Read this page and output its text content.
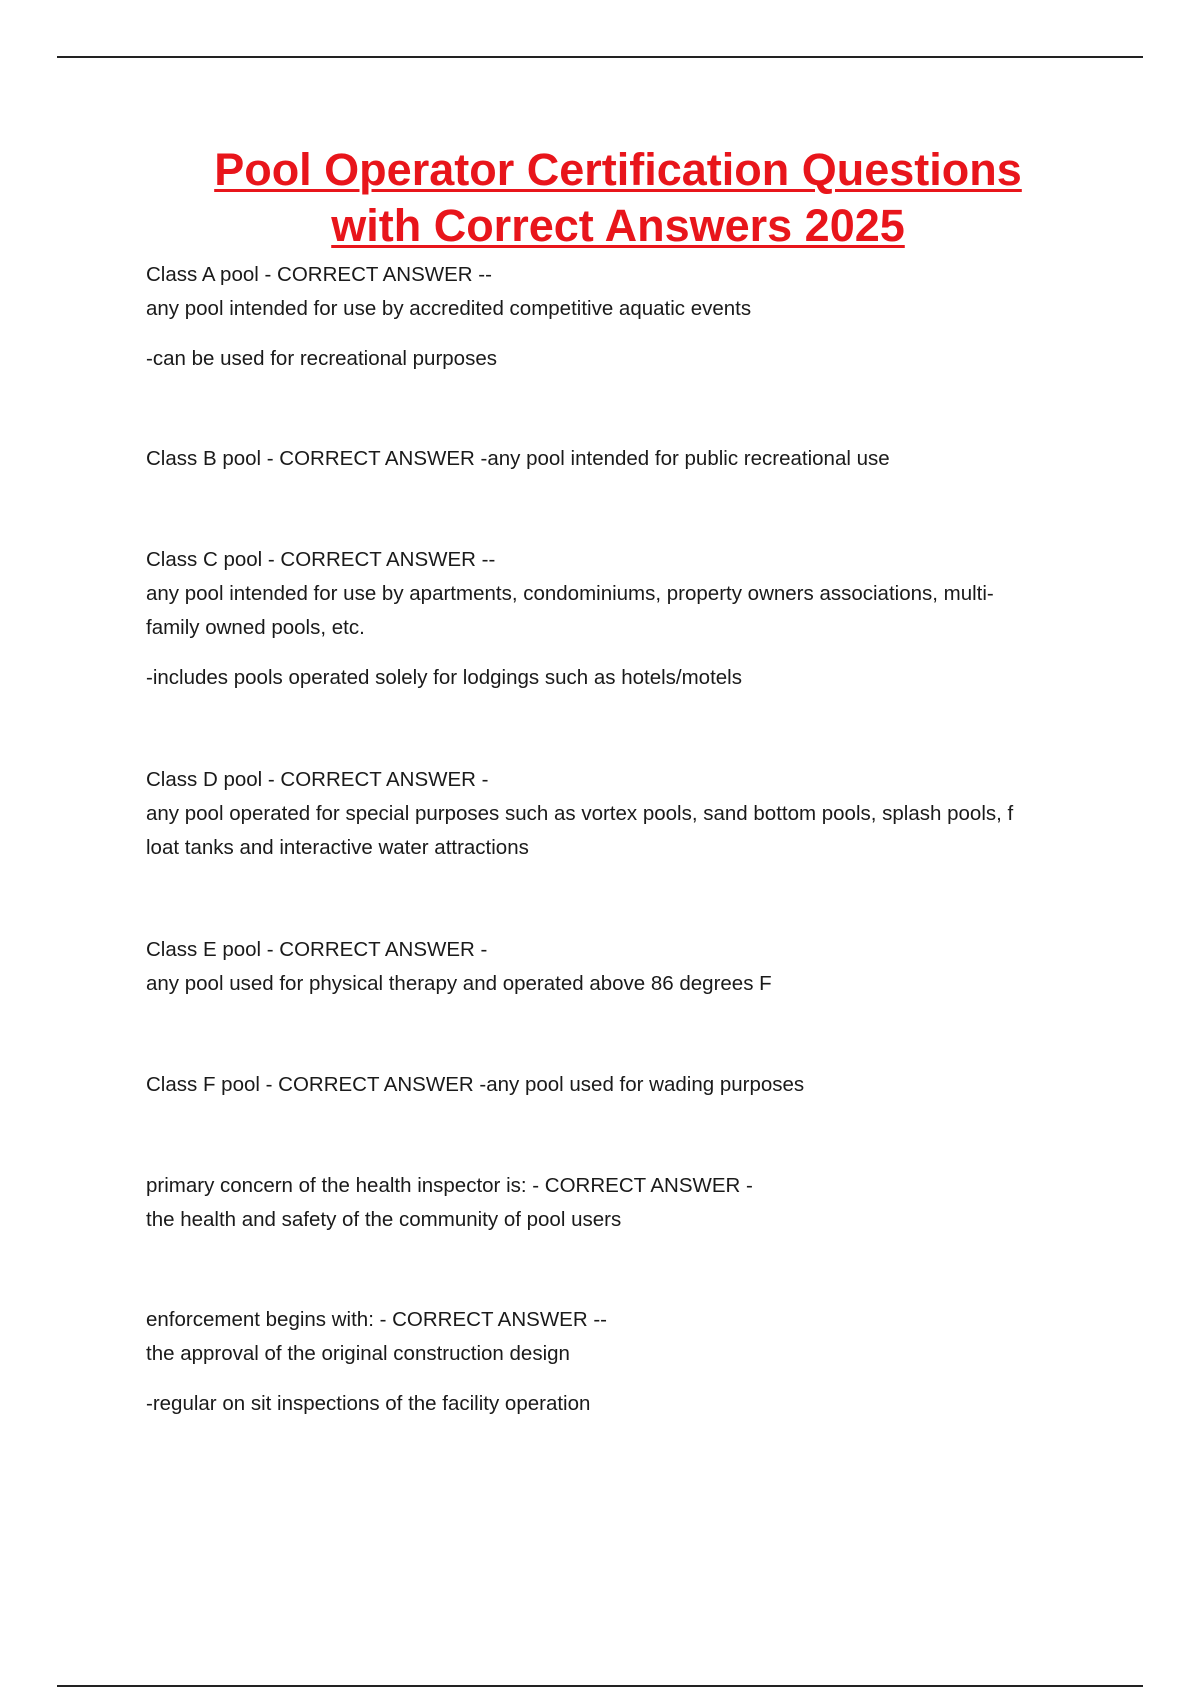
Pool Operator Certification Questions
with Correct Answers 2025

Class A pool - CORRECT ANSWER --

any pool intended for use by accredited competitive aquatic events

-can be used for recreational purposes

Class B pool - CORRECT ANSWER -any pool intended for public recreational use

Class C pool - CORRECT ANSWER --

any pool intended for use by apartments, condominiums, property owners associations, multi-

family owned pools, etc.

-includes pools operated solely for lodgings such as hotels/motels

Class D pool - CORRECT ANSWER -

any pool operated for special purposes such as vortex pools, sand bottom pools, splash pools, f

loat tanks and interactive water attractions

Class E pool - CORRECT ANSWER -

any pool used for physical therapy and operated above 86 degrees F

Class F pool - CORRECT ANSWER -any pool used for wading purposes

primary concern of the health inspector is: - CORRECT ANSWER -

the health and safety of the community of pool users

enforcement begins with: - CORRECT ANSWER --

the approval of the original construction design

-regular on sit inspections of the facility operation
